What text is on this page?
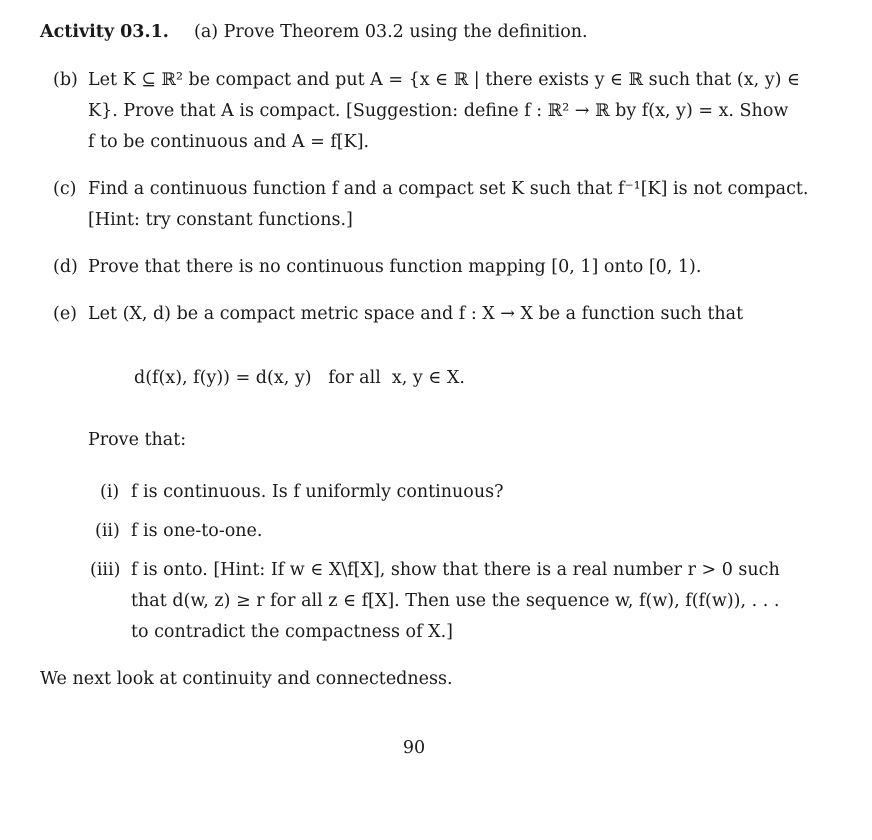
Activity 03.1. (a) Prove Theorem 03.2 using the definition.
(b) Let K ⊆ ℝ² be compact and put A = {x ∈ ℝ | there exists y ∈ ℝ such that (x, y) ∈
K}. Prove that A is compact. [Suggestion: define f : ℝ² → ℝ by f(x, y) = x. Show
f to be continuous and A = f[K].
(c) Find a continuous function f and a compact set K such that f⁻¹[K] is not compact.
[Hint: try constant functions.]
(d) Prove that there is no continuous function mapping [0, 1] onto [0, 1).
(e) Let (X, d) be a compact metric space and f : X → X be a function such that
d(f(x), f(y)) = d(x, y)   for all  x, y ∈ X.
Prove that:
(i) f is continuous. Is f uniformly continuous?
(ii) f is one-to-one.
(iii) f is onto. [Hint: If w ∈ X\f[X], show that there is a real number r > 0 such
that d(w, z) ≥ r for all z ∈ f[X]. Then use the sequence w, f(w), f(f(w)), . . .
to contradict the compactness of X.]
We next look at continuity and connectedness.
90
